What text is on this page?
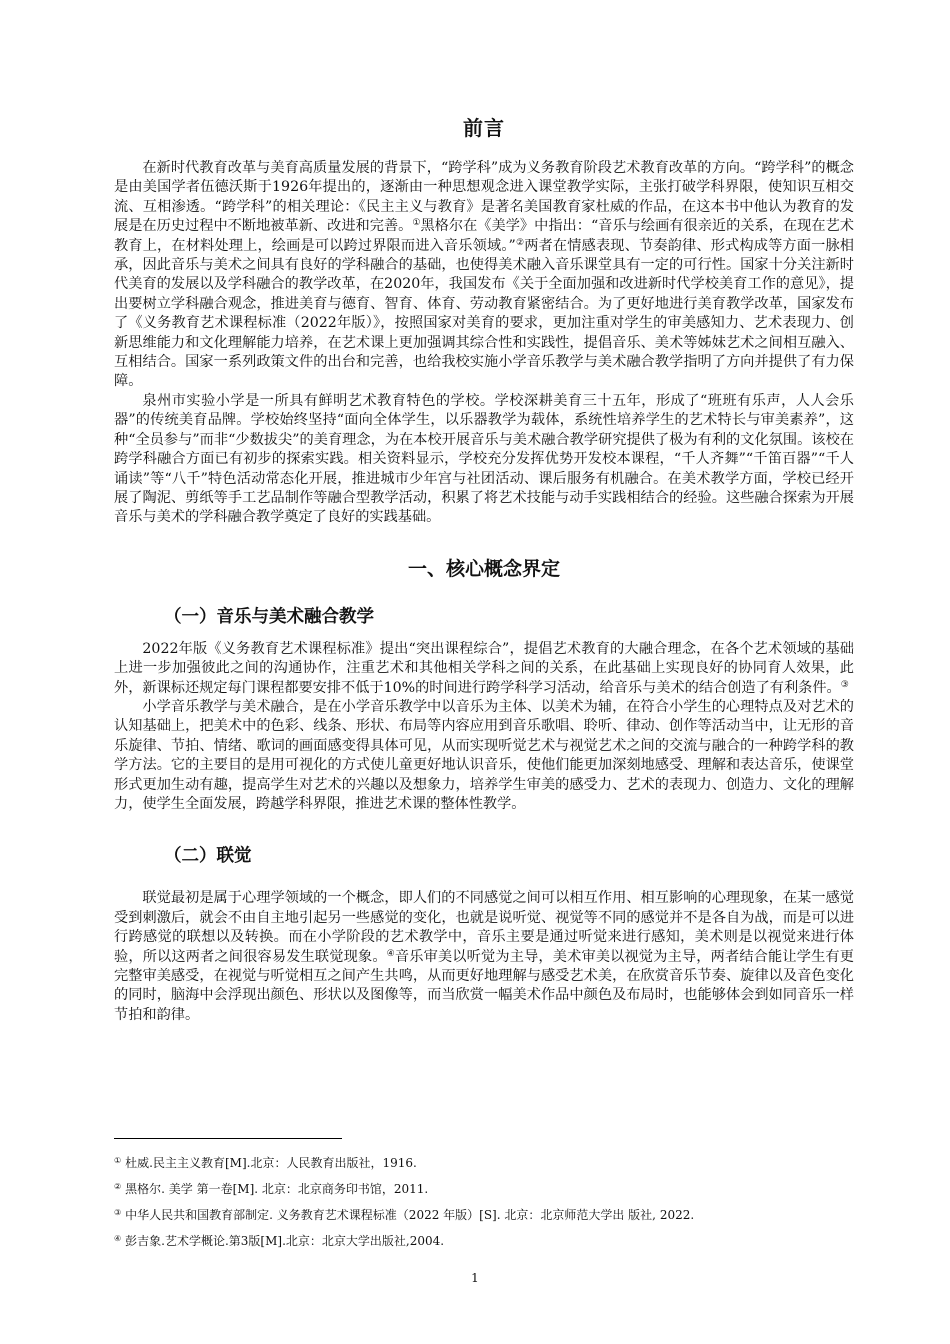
前言

在新时代教育改革与美育高质量发展的背景下，“跨学科”成为义务教育阶段艺术教育改革的方向。“跨学科”的概念是由美国学者伍德沃斯于1926年提出的，逐渐由一种思想观念进入课堂教学实际，主张打破学科界限，使知识互相交流、互相渗透。“跨学科”的相关理论：《民主主义与教育》是著名美国教育家杜威的作品，在这本书中他认为教育的发展是在历史过程中不断地被革新、改进和完善。①黑格尔在《美学》中指出：“音乐与绘画有很亲近的关系，在现在艺术教育上，在材料处理上，绘画是可以跨过界限而进入音乐领域。”②两者在情感表现、节奏韵律、形式构成等方面一脉相承，因此音乐与美术之间具有良好的学科融合的基础，也使得美术融入音乐课堂具有一定的可行性。国家十分关注新时代美育的发展以及学科融合的教学改革，在2020年，我国发布《关于全面加强和改进新时代学校美育工作的意见》，提出要树立学科融合观念，推进美育与德育、智育、体育、劳动教育紧密结合。为了更好地进行美育教学改革，国家发布了《义务教育艺术课程标准（2022年版）》，按照国家对美育的要求，更加注重对学生的审美感知力、艺术表现力、创新思维能力和文化理解能力培养，在艺术课上更加强调其综合性和实践性，提倡音乐、美术等姊妹艺术之间相互融入、互相结合。国家一系列政策文件的出台和完善，也给我校实施小学音乐教学与美术融合教学指明了方向并提供了有力保障。

泉州市实验小学是一所具有鲜明艺术教育特色的学校。学校深耕美育三十五年，形成了“班班有乐声，人人会乐器”的传统美育品牌。学校始终坚持“面向全体学生，以乐器教学为载体，系统性培养学生的艺术特长与审美素养”，这种“全员参与”而非“少数拔尖”的美育理念，为在本校开展音乐与美术融合教学研究提供了极为有利的文化氛围。该校在跨学科融合方面已有初步的探索实践。相关资料显示，学校充分发挥优势开发校本课程，“千人齐舞”“千笛百器”“千人诵读”等“八千”特色活动常态化开展，推进城市少年宫与社团活动、课后服务有机融合。在美术教学方面，学校已经开展了陶泥、剪纸等手工艺品制作等融合型教学活动，积累了将艺术技能与动手实践相结合的经验。这些融合探索为开展音乐与美术的学科融合教学奠定了良好的实践基础。

一、核心概念界定
（一）音乐与美术融合教学

2022年版《义务教育艺术课程标准》提出“突出课程综合”，提倡艺术教育的大融合理念，在各个艺术领域的基础上进一步加强彼此之间的沟通协作，注重艺术和其他相关学科之间的关系，在此基础上实现良好的协同育人效果，此外，新课标还规定每门课程都要安排不低于10%的时间进行跨学科学习活动，给音乐与美术的结合创造了有利条件。③

小学音乐教学与美术融合，是在小学音乐教学中以音乐为主体、以美术为辅，在符合小学生的心理特点及对艺术的认知基础上，把美术中的色彩、线条、形状、布局等内容应用到音乐歌唱、聆听、律动、创作等活动当中，让无形的音乐旋律、节拍、情绪、歌词的画面感变得具体可见，从而实现听觉艺术与视觉艺术之间的交流与融合的一种跨学科的教学方法。它的主要目的是用可视化的方式使儿童更好地认识音乐，使他们能更加深刻地感受、理解和表达音乐，使课堂形式更加生动有趣，提高学生对艺术的兴趣以及想象力，培养学生审美的感受力、艺术的表现力、创造力、文化的理解力，使学生全面发展，跨越学科界限，推进艺术课的整体性教学。

（二）联觉

联觉最初是属于心理学领域的一个概念，即人们的不同感觉之间可以相互作用、相互影响的心理现象，在某一感觉受到刺激后，就会不由自主地引起另一些感觉的变化，也就是说听觉、视觉等不同的感觉并不是各自为战，而是可以进行跨感觉的联想以及转换。而在小学阶段的艺术教学中，音乐主要是通过听觉来进行感知，美术则是以视觉来进行体验，所以这两者之间很容易发生联觉现象。④音乐审美以听觉为主导，美术审美以视觉为主导，两者结合能让学生有更完整审美感受，在视觉与听觉相互之间产生共鸣，从而更好地理解与感受艺术美，在欣赏音乐节奏、旋律以及音色变化的同时，脑海中会浮现出颜色、形状以及图像等，而当欣赏一幅美术作品中颜色及布局时，也能够体会到如同音乐一样节拍和韵律。

① 杜威.民主主义教育[M].北京：人民教育出版社，1916.
② 黑格尔. 美学 第一卷[M]. 北京：北京商务印书馆，2011.
③ 中华人民共和国教育部制定. 义务教育艺术课程标准（2022 年版）[S]. 北京：北京师范大学出 版社, 2022.
④ 彭吉象.艺术学概论.第3版[M].北京：北京大学出版社,2004.
1
